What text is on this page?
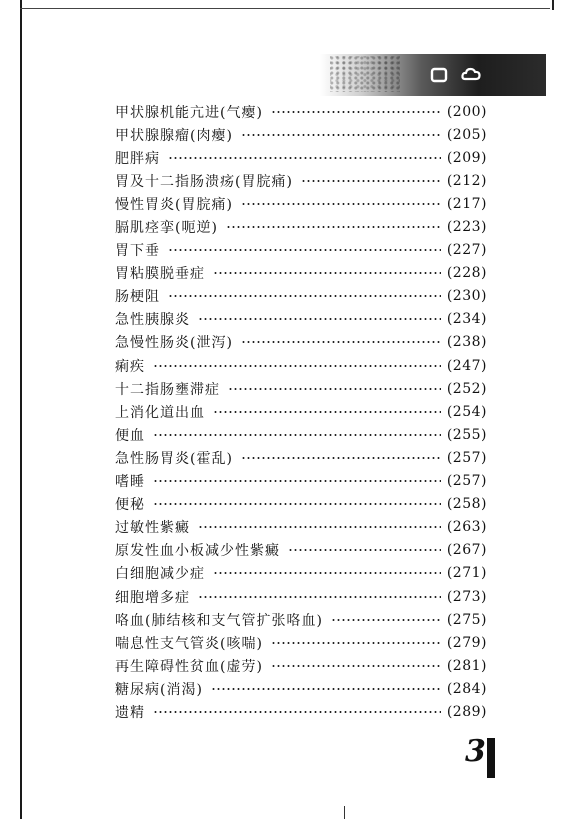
甲状腺机能亢进(气瘿)	(200)
甲状腺腺瘤(肉瘿)	(205)
肥胖病	(209)
胃及十二指肠溃疡(胃脘痛)	(212)
慢性胃炎(胃脘痛)	(217)
膈肌痉挛(呃逆)	(223)
胃下垂	(227)
胃粘膜脱垂症	(228)
肠梗阻	(230)
急性胰腺炎	(234)
急慢性肠炎(泄泻)	(238)
痢疾	(247)
十二指肠壅滞症	(252)
上消化道出血	(254)
便血	(255)
急性肠胃炎(霍乱)	(257)
嗜睡	(257)
便秘	(258)
过敏性紫癜	(263)
原发性血小板减少性紫癜	(267)
白细胞减少症	(271)
细胞增多症	(273)
咯血(肺结核和支气管扩张咯血)	(275)
喘息性支气管炎(咳喘)	(279)
再生障碍性贫血(虚劳)	(281)
糖尿病(消渴)	(284)
遗精	(289)
3
